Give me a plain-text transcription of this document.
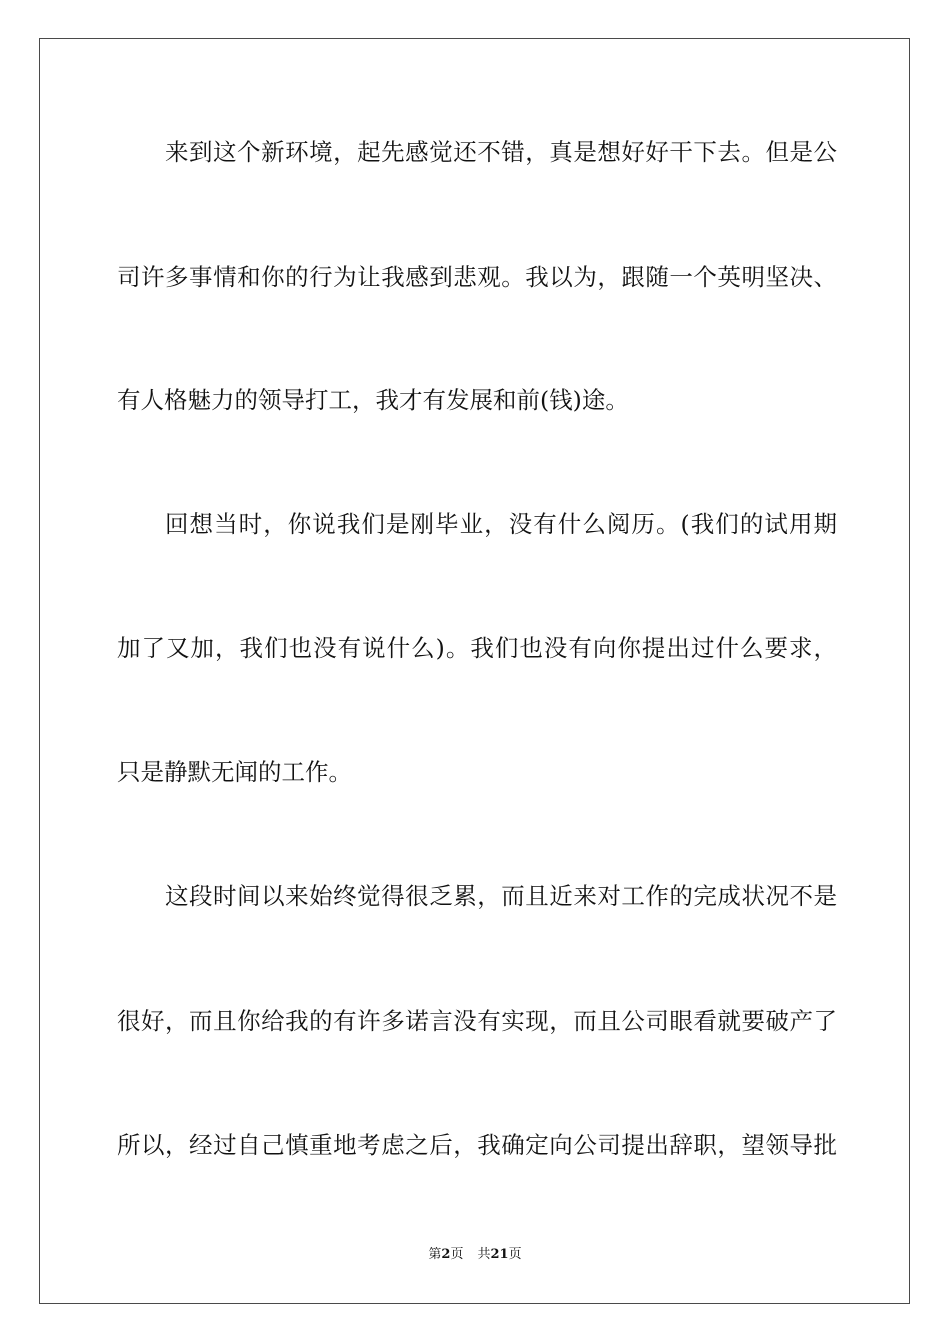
来到这个新环境，起先感觉还不错，真是想好好干下去。但是公
司许多事情和你的行为让我感到悲观。我以为，跟随一个英明坚决、
有人格魅力的领导打工，我才有发展和前(钱)途。
回想当时，你说我们是刚毕业，没有什么阅历。(我们的试用期
加了又加，我们也没有说什么)。我们也没有向你提出过什么要求，
只是静默无闻的工作。
这段时间以来始终觉得很乏累，而且近来对工作的完成状况不是
很好，而且你给我的有许多诺言没有实现，而且公司眼看就要破产了
所以，经过自己慎重地考虑之后，我确定向公司提出辞职，望领导批
第2页 共21页
